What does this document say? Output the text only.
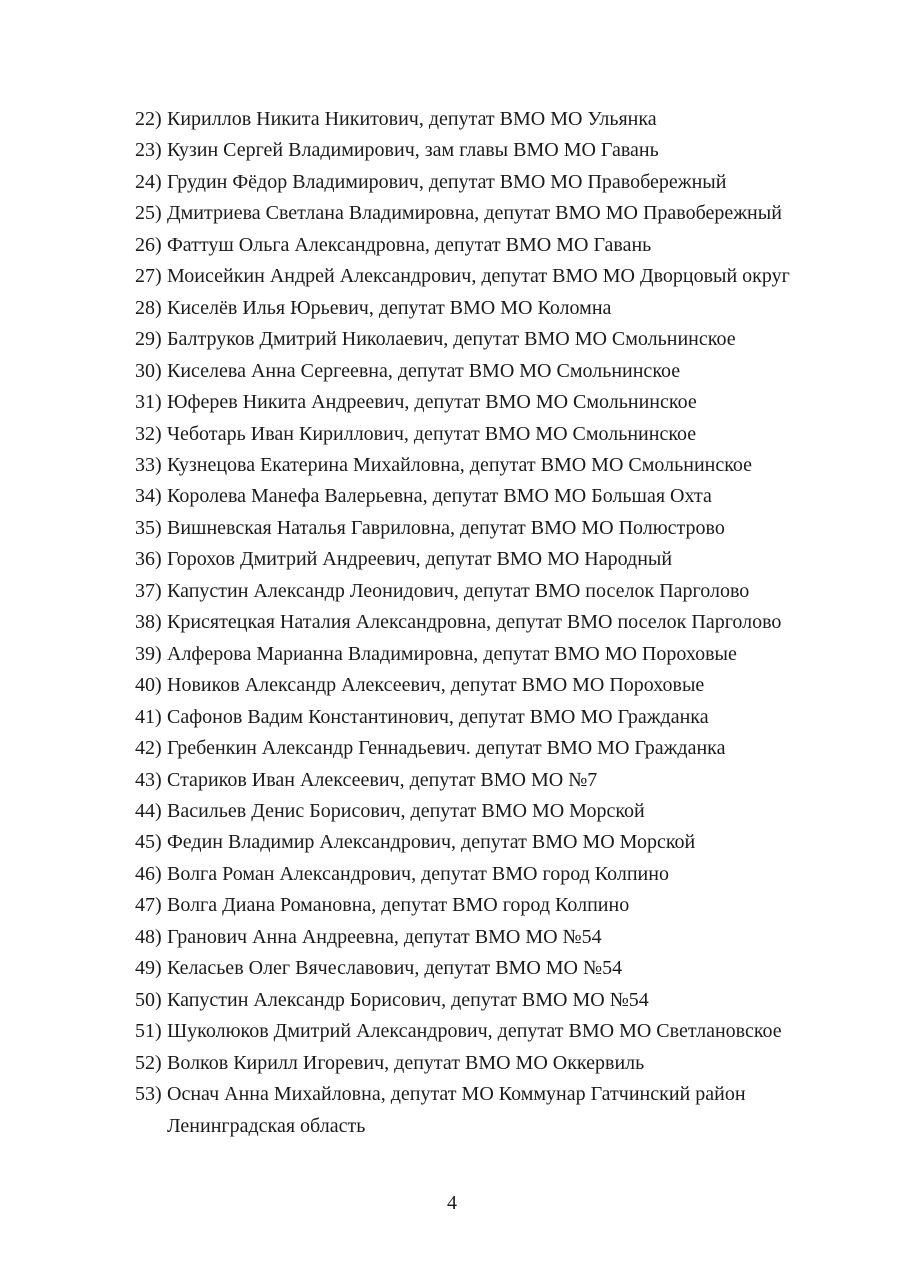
22) Кириллов Никита Никитович, депутат ВМО МО Ульянка
23) Кузин Сергей Владимирович, зам главы ВМО МО Гавань
24) Грудин Фёдор Владимирович, депутат ВМО МО Правобережный
25) Дмитриева Светлана Владимировна, депутат ВМО МО Правобережный
26) Фаттуш Ольга Александровна, депутат ВМО МО Гавань
27) Моисейкин Андрей Александрович, депутат ВМО МО Дворцовый округ
28) Киселёв Илья Юрьевич, депутат ВМО МО Коломна
29) Балтруков Дмитрий Николаевич, депутат ВМО МО Смольнинское
30) Киселева Анна Сергеевна, депутат ВМО МО Смольнинское
31) Юферев Никита Андреевич, депутат ВМО МО Смольнинское
32) Чеботарь Иван Кириллович, депутат ВМО МО Смольнинское
33) Кузнецова Екатерина Михайловна, депутат ВМО МО Смольнинское
34) Королева Манефа Валерьевна, депутат ВМО МО Большая Охта
35) Вишневская Наталья Гавриловна, депутат ВМО МО Полюстрово
36) Горохов Дмитрий Андреевич, депутат ВМО МО Народный
37) Капустин Александр Леонидович, депутат ВМО поселок Парголово
38) Крисятецкая Наталия Александровна, депутат ВМО поселок Парголово
39) Алферова Марианна Владимировна, депутат ВМО МО Пороховые
40) Новиков Александр Алексеевич, депутат ВМО МО Пороховые
41) Сафонов Вадим Константинович, депутат ВМО МО Гражданка
42) Гребенкин Александр Геннадьевич. депутат ВМО МО Гражданка
43) Стариков Иван Алексеевич, депутат ВМО МО №7
44) Васильев Денис Борисович, депутат ВМО МО Морской
45) Федин Владимир Александрович, депутат ВМО МО Морской
46) Волга Роман Александрович, депутат ВМО город Колпино
47) Волга Диана Романовна, депутат ВМО город Колпино
48) Гранович Анна Андреевна, депутат ВМО МО №54
49) Келасьев Олег Вячеславович, депутат ВМО МО №54
50) Капустин Александр Борисович, депутат ВМО МО №54
51) Шуколюков Дмитрий Александрович, депутат ВМО МО Светлановское
52) Волков Кирилл Игоревич, депутат ВМО МО Оккервиль
53) Оснач Анна Михайловна, депутат МО Коммунар Гатчинский район
Ленинградская область
4
